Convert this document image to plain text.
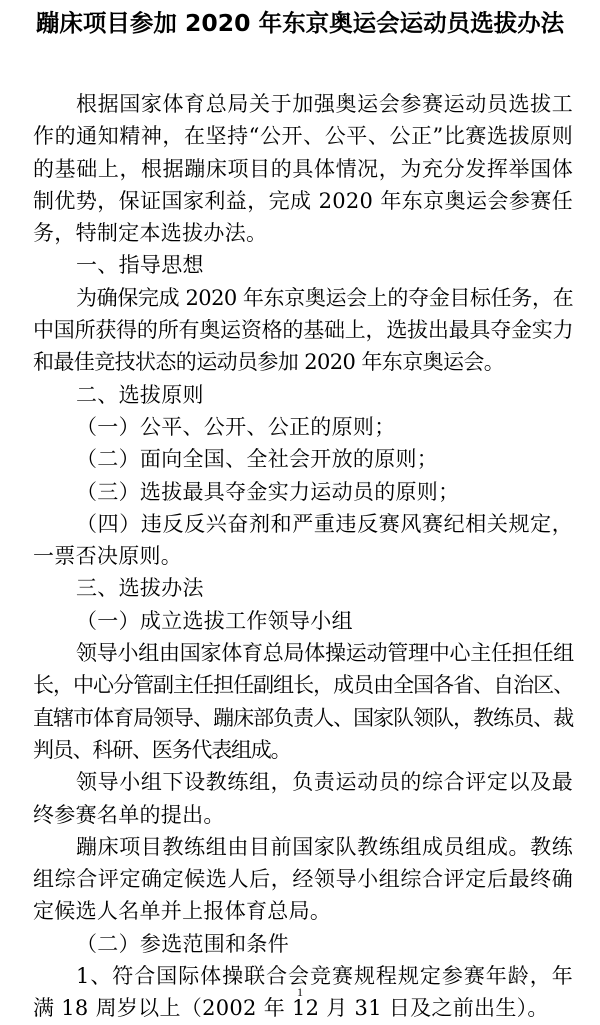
蹦床项目参加 2020 年东京奥运会运动员选拔办法

根据国家体育总局关于加强奥运会参赛运动员选拔工作的通知精神，在坚持“公开、公平、公正”比赛选拔原则的基础上，根据蹦床项目的具体情况，为充分发挥举国体制优势，保证国家利益，完成 2020 年东京奥运会参赛任务，特制定本选拔办法。

一、指导思想

为确保完成 2020 年东京奥运会上的夺金目标任务，在中国所获得的所有奥运资格的基础上，选拔出最具夺金实力和最佳竞技状态的运动员参加 2020 年东京奥运会。

二、选拔原则

（一）公平、公开、公正的原则；

（二）面向全国、全社会开放的原则；

（三）选拔最具夺金实力运动员的原则；

（四）违反反兴奋剂和严重违反赛风赛纪相关规定，一票否决原则。

三、选拔办法

（一）成立选拔工作领导小组

领导小组由国家体育总局体操运动管理中心主任担任组长，中心分管副主任担任副组长，成员由全国各省、自治区、直辖市体育局领导、蹦床部负责人、国家队领队，教练员、裁判员、科研、医务代表组成。

领导小组下设教练组，负责运动员的综合评定以及最终参赛名单的提出。

蹦床项目教练组由目前国家队教练组成员组成。教练组综合评定确定候选人后，经领导小组综合评定后最终确定候选人名单并上报体育总局。

（二）参选范围和条件

1、符合国际体操联合会竞赛规程规定参赛年龄，年满 18 周岁以上（2002 年 12 月 31 日及之前出生）。

1
